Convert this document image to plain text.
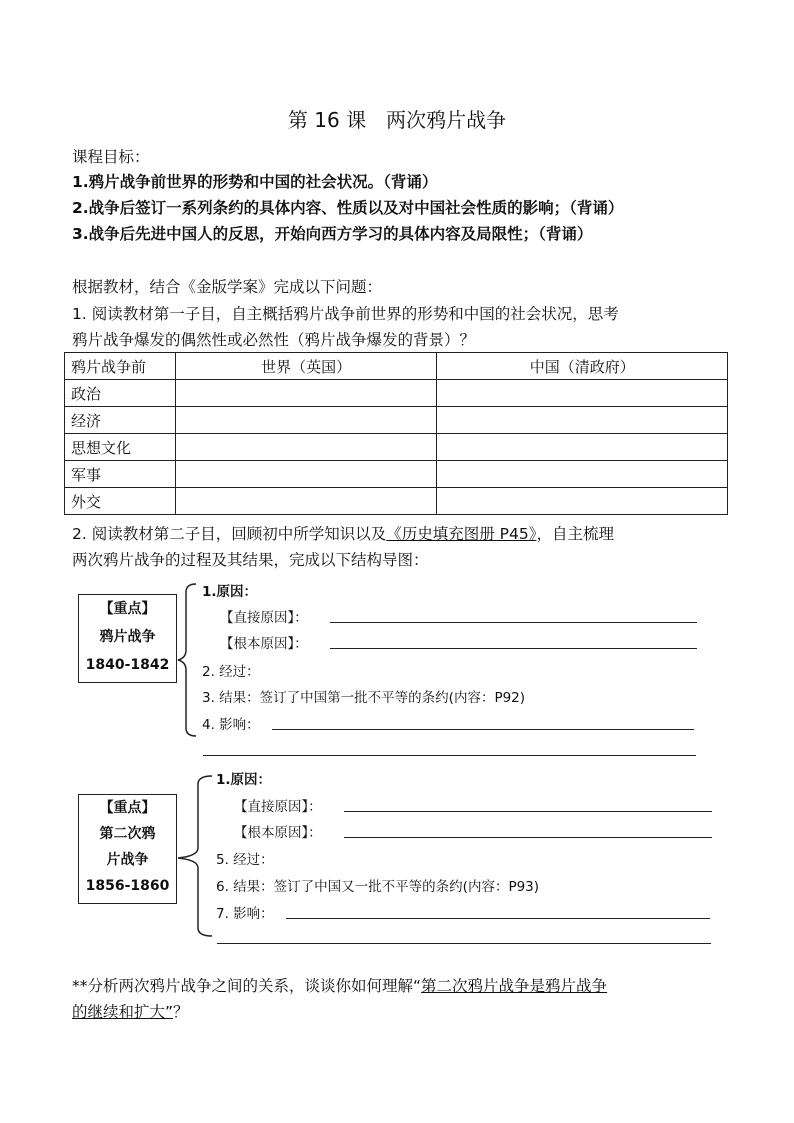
第 16 课　两次鸦片战争
课程目标：
1.鸦片战争前世界的形势和中国的社会状况。（背诵）
2.战争后签订一系列条约的具体内容、性质以及对中国社会性质的影响；（背诵）
3.战争后先进中国人的反思，开始向西方学习的具体内容及局限性；（背诵）
根据教材，结合《金版学案》完成以下问题：
1. 阅读教材第一子目，自主概括鸦片战争前世界的形势和中国的社会状况，思考
鸦片战争爆发的偶然性或必然性（鸦片战争爆发的背景）？
鸦片战争前	世界（英国）	中国（清政府）
政治		
经济		
思想文化		
军事		
外交		
2. 阅读教材第二子目，回顾初中所学知识以及《历史填充图册 P45》，自主梳理
两次鸦片战争的过程及其结果，完成以下结构导图：
【重点】
鸦片战争
1840-1842
1.原因：
【直接原因】：
【根本原因】：
2. 经过：
3. 结果：签订了中国第一批不平等的条约(内容：P92)
4. 影响：
【重点】
第二次鸦
片战争
1856-1860
1.原因：
【直接原因】：
【根本原因】：
5. 经过：
6. 结果：签订了中国又一批不平等的条约(内容：P93)
7. 影响：
**分析两次鸦片战争之间的关系，谈谈你如何理解“第二次鸦片战争是鸦片战争
的继续和扩大”？
